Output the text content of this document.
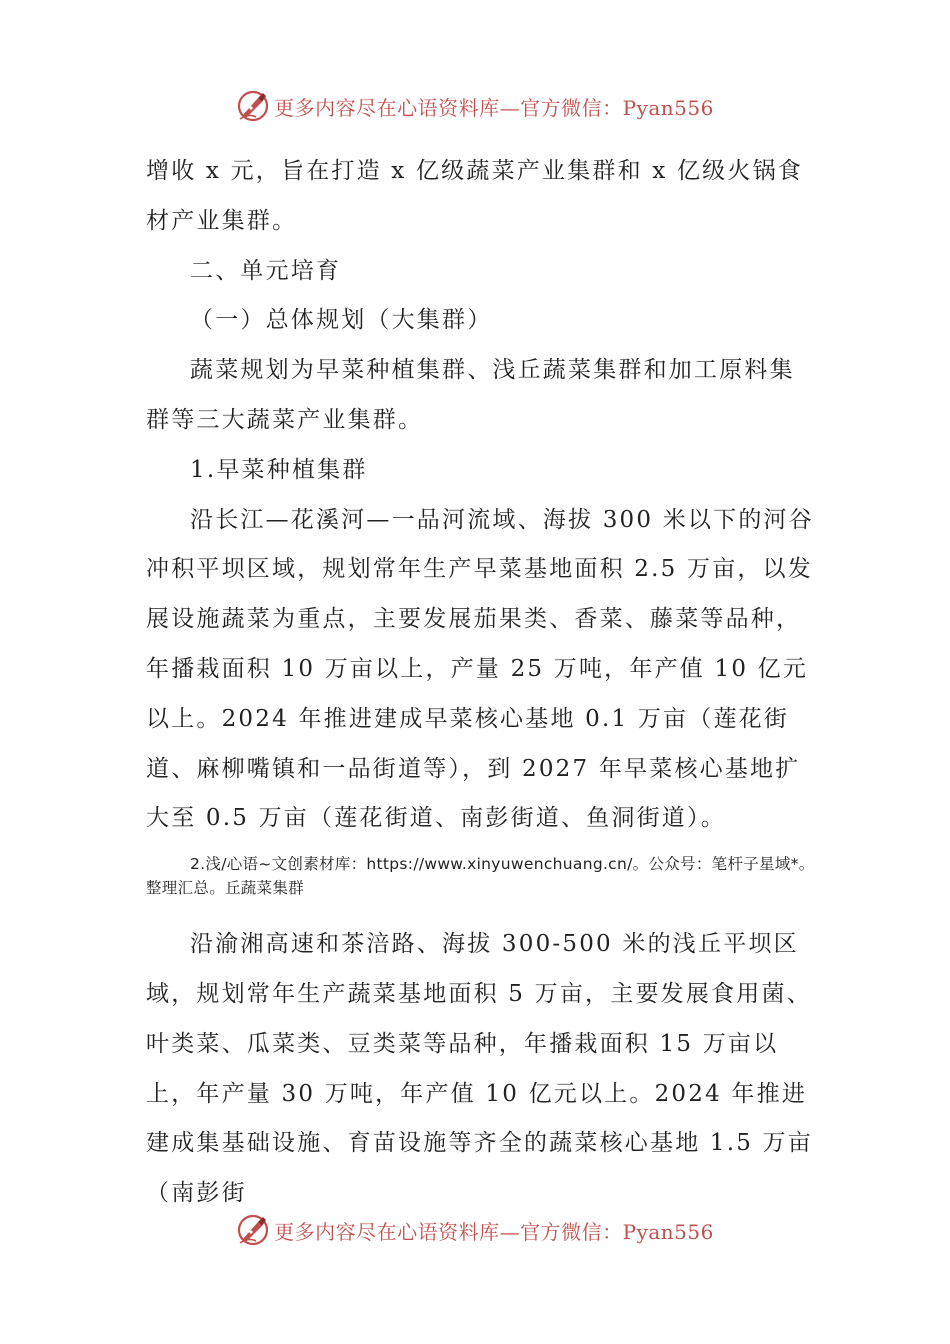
更多内容尽在心语资料库—官方微信：Pyan556

增收 x 元，旨在打造 x 亿级蔬菜产业集群和 x 亿级火锅食材产业集群。

二、单元培育

（一）总体规划（大集群）

蔬菜规划为早菜种植集群、浅丘蔬菜集群和加工原料集群等三大蔬菜产业集群。

1.早菜种植集群

沿长江—花溪河—一品河流域、海拔 300 米以下的河谷冲积平坝区域，规划常年生产早菜基地面积 2.5 万亩，以发展设施蔬菜为重点，主要发展茄果类、香菜、藤菜等品种，年播栽面积 10 万亩以上，产量 25 万吨，年产值 10 亿元以上。2024 年推进建成早菜核心基地 0.1 万亩（莲花街道、麻柳嘴镇和一品街道等），到 2027 年早菜核心基地扩大至 0.5 万亩（莲花街道、南彭街道、鱼洞街道）。

2.浅/心语~文创素材库：https://www.xinyuwenchuang.cn/。公众号：笔杆子星域*。整理汇总。丘蔬菜集群

沿渝湘高速和茶涪路、海拔 300-500 米的浅丘平坝区域，规划常年生产蔬菜基地面积 5 万亩，主要发展食用菌、叶类菜、瓜菜类、豆类菜等品种，年播栽面积 15 万亩以上，年产量 30 万吨，年产值 10 亿元以上。2024 年推进建成集基础设施、育苗设施等齐全的蔬菜核心基地 1.5 万亩（南彭街

更多内容尽在心语资料库—官方微信：Pyan556
